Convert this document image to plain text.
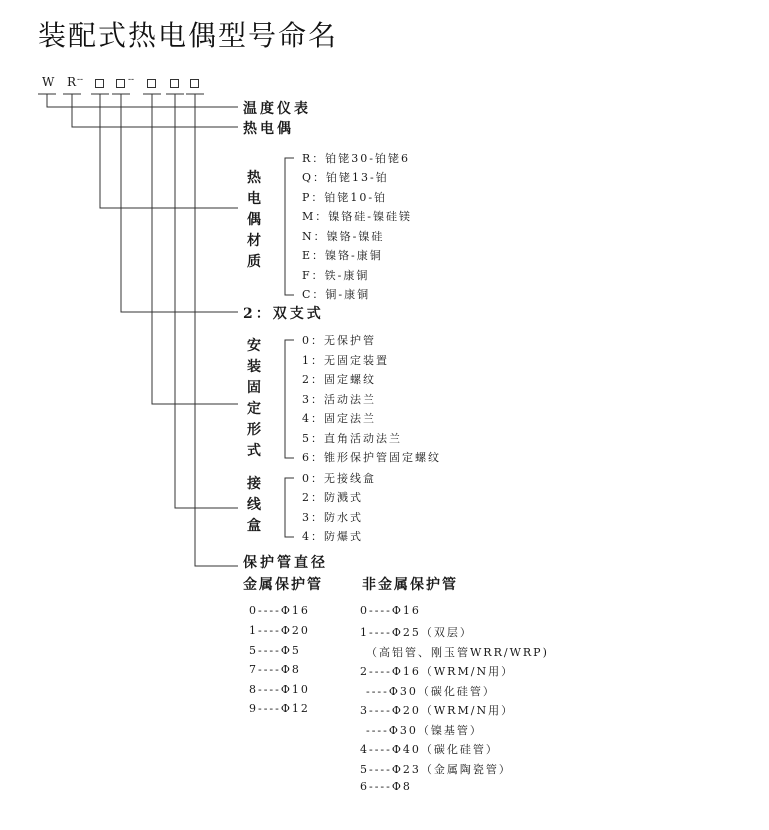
装配式热电偶型号命名
W R --	--
温度仪表
热电偶
2：双支式
保护管直径
热电偶材质
安装固定形式
接线盒
R：铂铑30-铂铑6
Q：铂铑13-铂
P：铂铑10-铂
M：镍铬硅-镍硅镁
N：镍铬-镍硅
E：镍铬-康铜
F：铁-康铜
C：铜-康铜
0：无保护管
1：无固定装置
2：固定螺纹
3：活动法兰
4：固定法兰
5：直角活动法兰
6：锥形保护管固定螺纹
0：无接线盒
2：防溅式
3：防水式
4：防爆式
金属保护管	非金属保护管
0----Φ16
1----Φ20
5----Φ5
7----Φ8
8----Φ10
9----Φ12
0----Φ16
1----Φ25（双层）
（高铝管、刚玉管WRR/WRP)
2----Φ16（WRM/N用）
----Φ30（碳化硅管）
3----Φ20（WRM/N用）
----Φ30（镍基管）
4----Φ40（碳化硅管）
5----Φ23（金属陶瓷管）
6----Φ8
